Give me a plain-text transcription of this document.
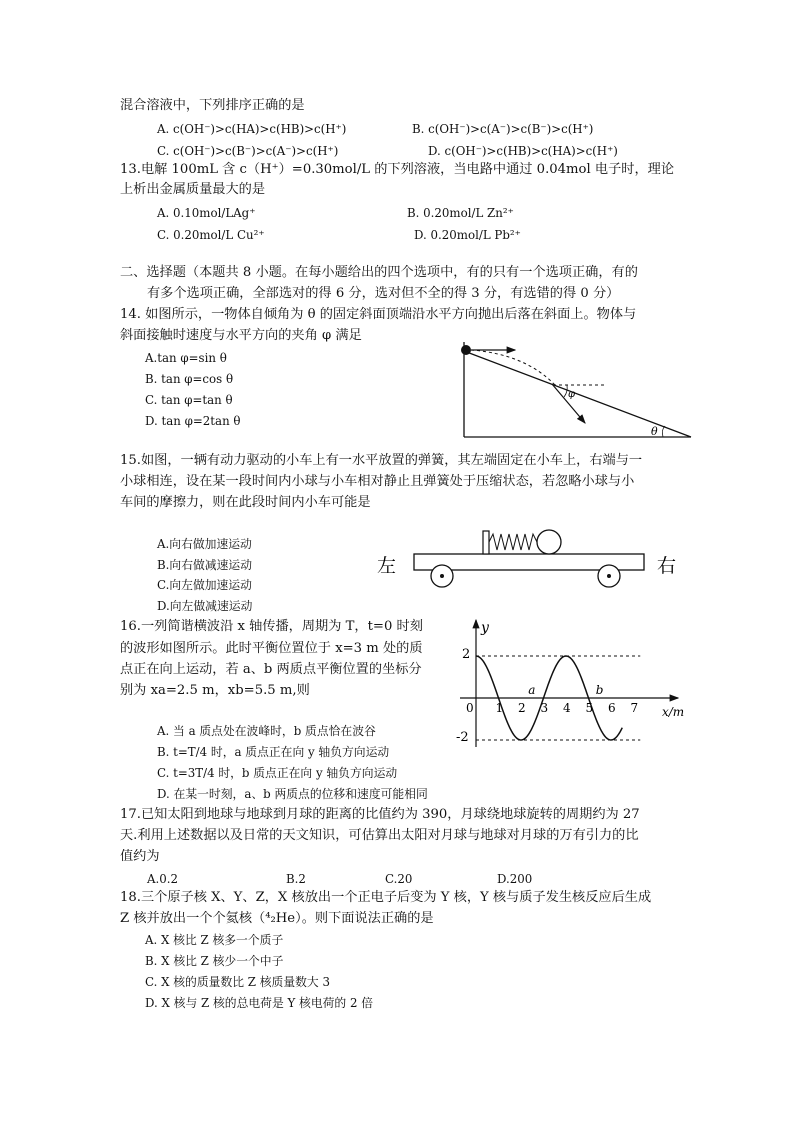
混合溶液中，下列排序正确的是
A. c(OH⁻)>c(HA)>c(HB)>c(H⁺)	B. c(OH⁻)>c(A⁻)>c(B⁻)>c(H⁺)
C. c(OH⁻)>c(B⁻)>c(A⁻)>c(H⁺)	D. c(OH⁻)>c(HB)>c(HA)>c(H⁺)
13.电解 100mL 含 c（H⁺）=0.30mol/L 的下列溶液，当电路中通过 0.04mol 电子时，理论
上析出金属质量最大的是
A. 0.10mol/LAg⁺	B. 0.20mol/L Zn²⁺
C. 0.20mol/L Cu²⁺	D. 0.20mol/L Pb²⁺
二、选择题（本题共 8 小题。在每小题给出的四个选项中，有的只有一个选项正确，有的
有多个选项正确，全部选对的得 6 分，选对但不全的得 3 分，有选错的得 0 分）
14. 如图所示，一物体自倾角为 θ 的固定斜面顶端沿水平方向抛出后落在斜面上。物体与
斜面接触时速度与水平方向的夹角 φ 满足
A.tan φ=sin θ
B. tan φ=cos θ
C. tan φ=tan θ
D. tan φ=2tan θ
φ
θ
15.如图，一辆有动力驱动的小车上有一水平放置的弹簧，其左端固定在小车上，右端与一
小球相连，设在某一段时间内小球与小车相对静止且弹簧处于压缩状态，若忽略小球与小
车间的摩擦力，则在此段时间内小车可能是
A.向右做加速运动
B.向右做减速运动
C.向左做加速运动
D.向左做减速运动
左	右
16.一列简谐横波沿 x 轴传播，周期为 T，t=0 时刻
的波形如图所示。此时平衡位置位于 x=3 m 处的质
点正在向上运动，若 a、b 两质点平衡位置的坐标分
别为 xa=2.5 m，xb=5.5 m,则
A. 当 a 质点处在波峰时，b 质点恰在波谷
B. t=T/4 时，a 质点正在向 y 轴负方向运动
C. t=3T/4 时，b 质点正在向 y 轴负方向运动
D. 在某一时刻，a、b 两质点的位移和速度可能相同
y
x/m
2
-2
a	b
0 1 2 3 4 5 6 7
17.已知太阳到地球与地球到月球的距离的比值约为 390，月球绕地球旋转的周期约为 27
天.利用上述数据以及日常的天文知识，可估算出太阳对月球与地球对月球的万有引力的比
值约为
A.0.2	B.2	C.20	D.200
18.三个原子核 X、Y、Z，X 核放出一个正电子后变为 Y 核，Y 核与质子发生核反应后生成
Z 核并放出一个个氦核（⁴₂He）。则下面说法正确的是
A. X 核比 Z 核多一个质子
B. X 核比 Z 核少一个中子
C. X 核的质量数比 Z 核质量数大 3
D. X 核与 Z 核的总电荷是 Y 核电荷的 2 倍
